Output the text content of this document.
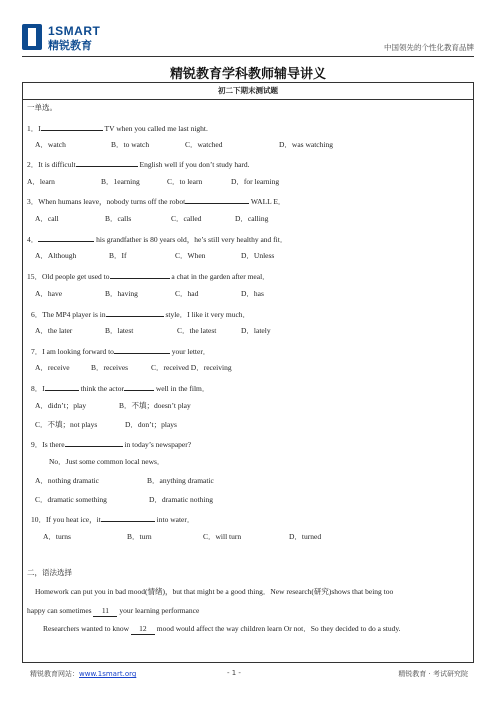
1SMART
精锐教育	中国领先的个性化教育品牌
精锐教育学科教师辅导讲义
初二下期末测试题
一单选。
1．I	TV when you called me last night.
A．watch	B．to watch	C．watched	D．was watching
2．It is difficult	English well if you don’t study hard.
A．learn	B．1earning	C．to learn	D．for learning
3．When humans leave，nobody turns off the robot	WALL E．
A．call	B．calls	C．called	D．calling
4．	his grandfather is 80 years old，he’s still very healthy and fit．
A．Although	B．If	C．When	D．Unless
15．Old people get used to	a chat in the garden after meal．
A．have	B．having	C．had	D．has
6．The MP4 player is in	style．I like it very much．
A．the later	B．latest	C．the latest	D．lately
7．I am looking forward to	your letter．
A．receive	B．receives	C．received D．receiving
8．I	think the actor	well in the film．
A．didn’t；play	B．不填；doesn’t play
C．不填；not plays	D．don’t；plays
9．Is there	in today’s newspaper?
No．Just some common local news．
A．nothing dramatic	B．anything dramatic
C．dramatic something	D．dramatic nothing
10．If you heat ice，it	into water．
A．turns	B．turn	C．will turn	D．turned
二，语法选择
Homework can put you in bad mood(情绪)，but that might be a good thing．New research(研究)shows that being too
happy can sometimes 11 your learning performance
Researchers wanted to know 12 mood would affect the way children learn Or not．So they decided to do a study.
精锐教育网站：www.1smart.org	- 1 -	精锐教育 · 考试研究院
